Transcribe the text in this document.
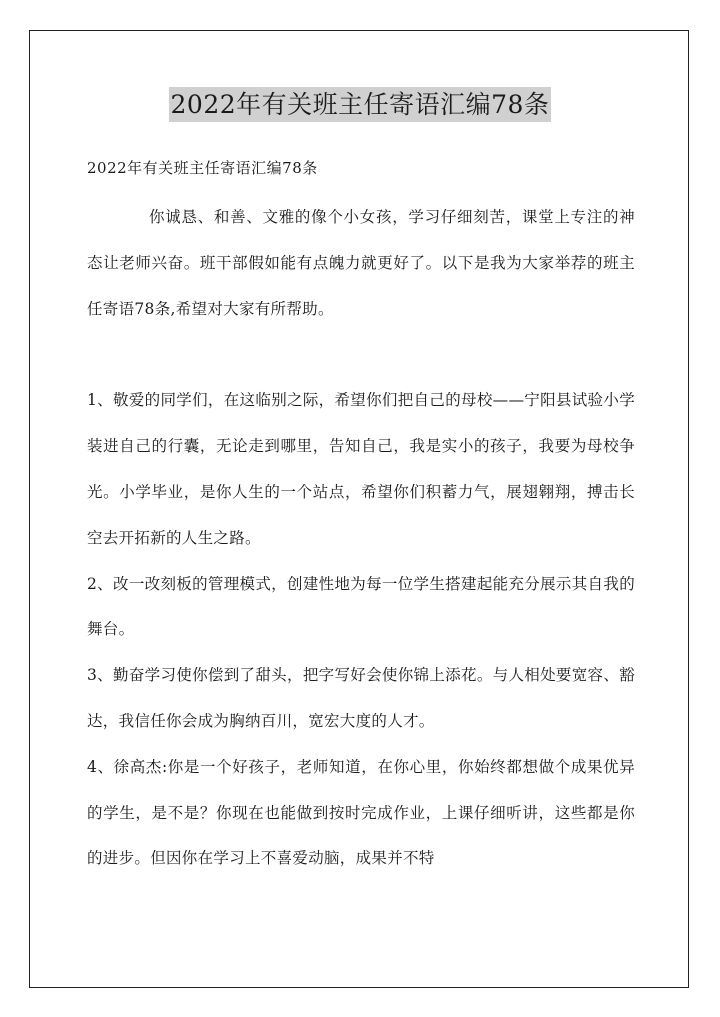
2022年有关班主任寄语汇编78条

2022年有关班主任寄语汇编78条

你诚恳、和善、文雅的像个小女孩，学习仔细刻苦，课堂上专注的神态让老师兴奋。班干部假如能有点魄力就更好了。以下是我为大家举荐的班主任寄语78条,希望对大家有所帮助。

1、敬爱的同学们，在这临别之际，希望你们把自己的母校——宁阳县试验小学装进自己的行囊，无论走到哪里，告知自己，我是实小的孩子，我要为母校争光。小学毕业，是你人生的一个站点，希望你们积蓄力气，展翅翱翔，搏击长空去开拓新的人生之路。

2、改一改刻板的管理模式，创建性地为每一位学生搭建起能充分展示其自我的舞台。

3、勤奋学习使你偿到了甜头，把字写好会使你锦上添花。与人相处要宽容、豁达，我信任你会成为胸纳百川，宽宏大度的人才。

4、徐高杰:你是一个好孩子，老师知道，在你心里，你始终都想做个成果优异的学生，是不是？你现在也能做到按时完成作业，上课仔细听讲，这些都是你的进步。但因你在学习上不喜爱动脑，成果并不特
